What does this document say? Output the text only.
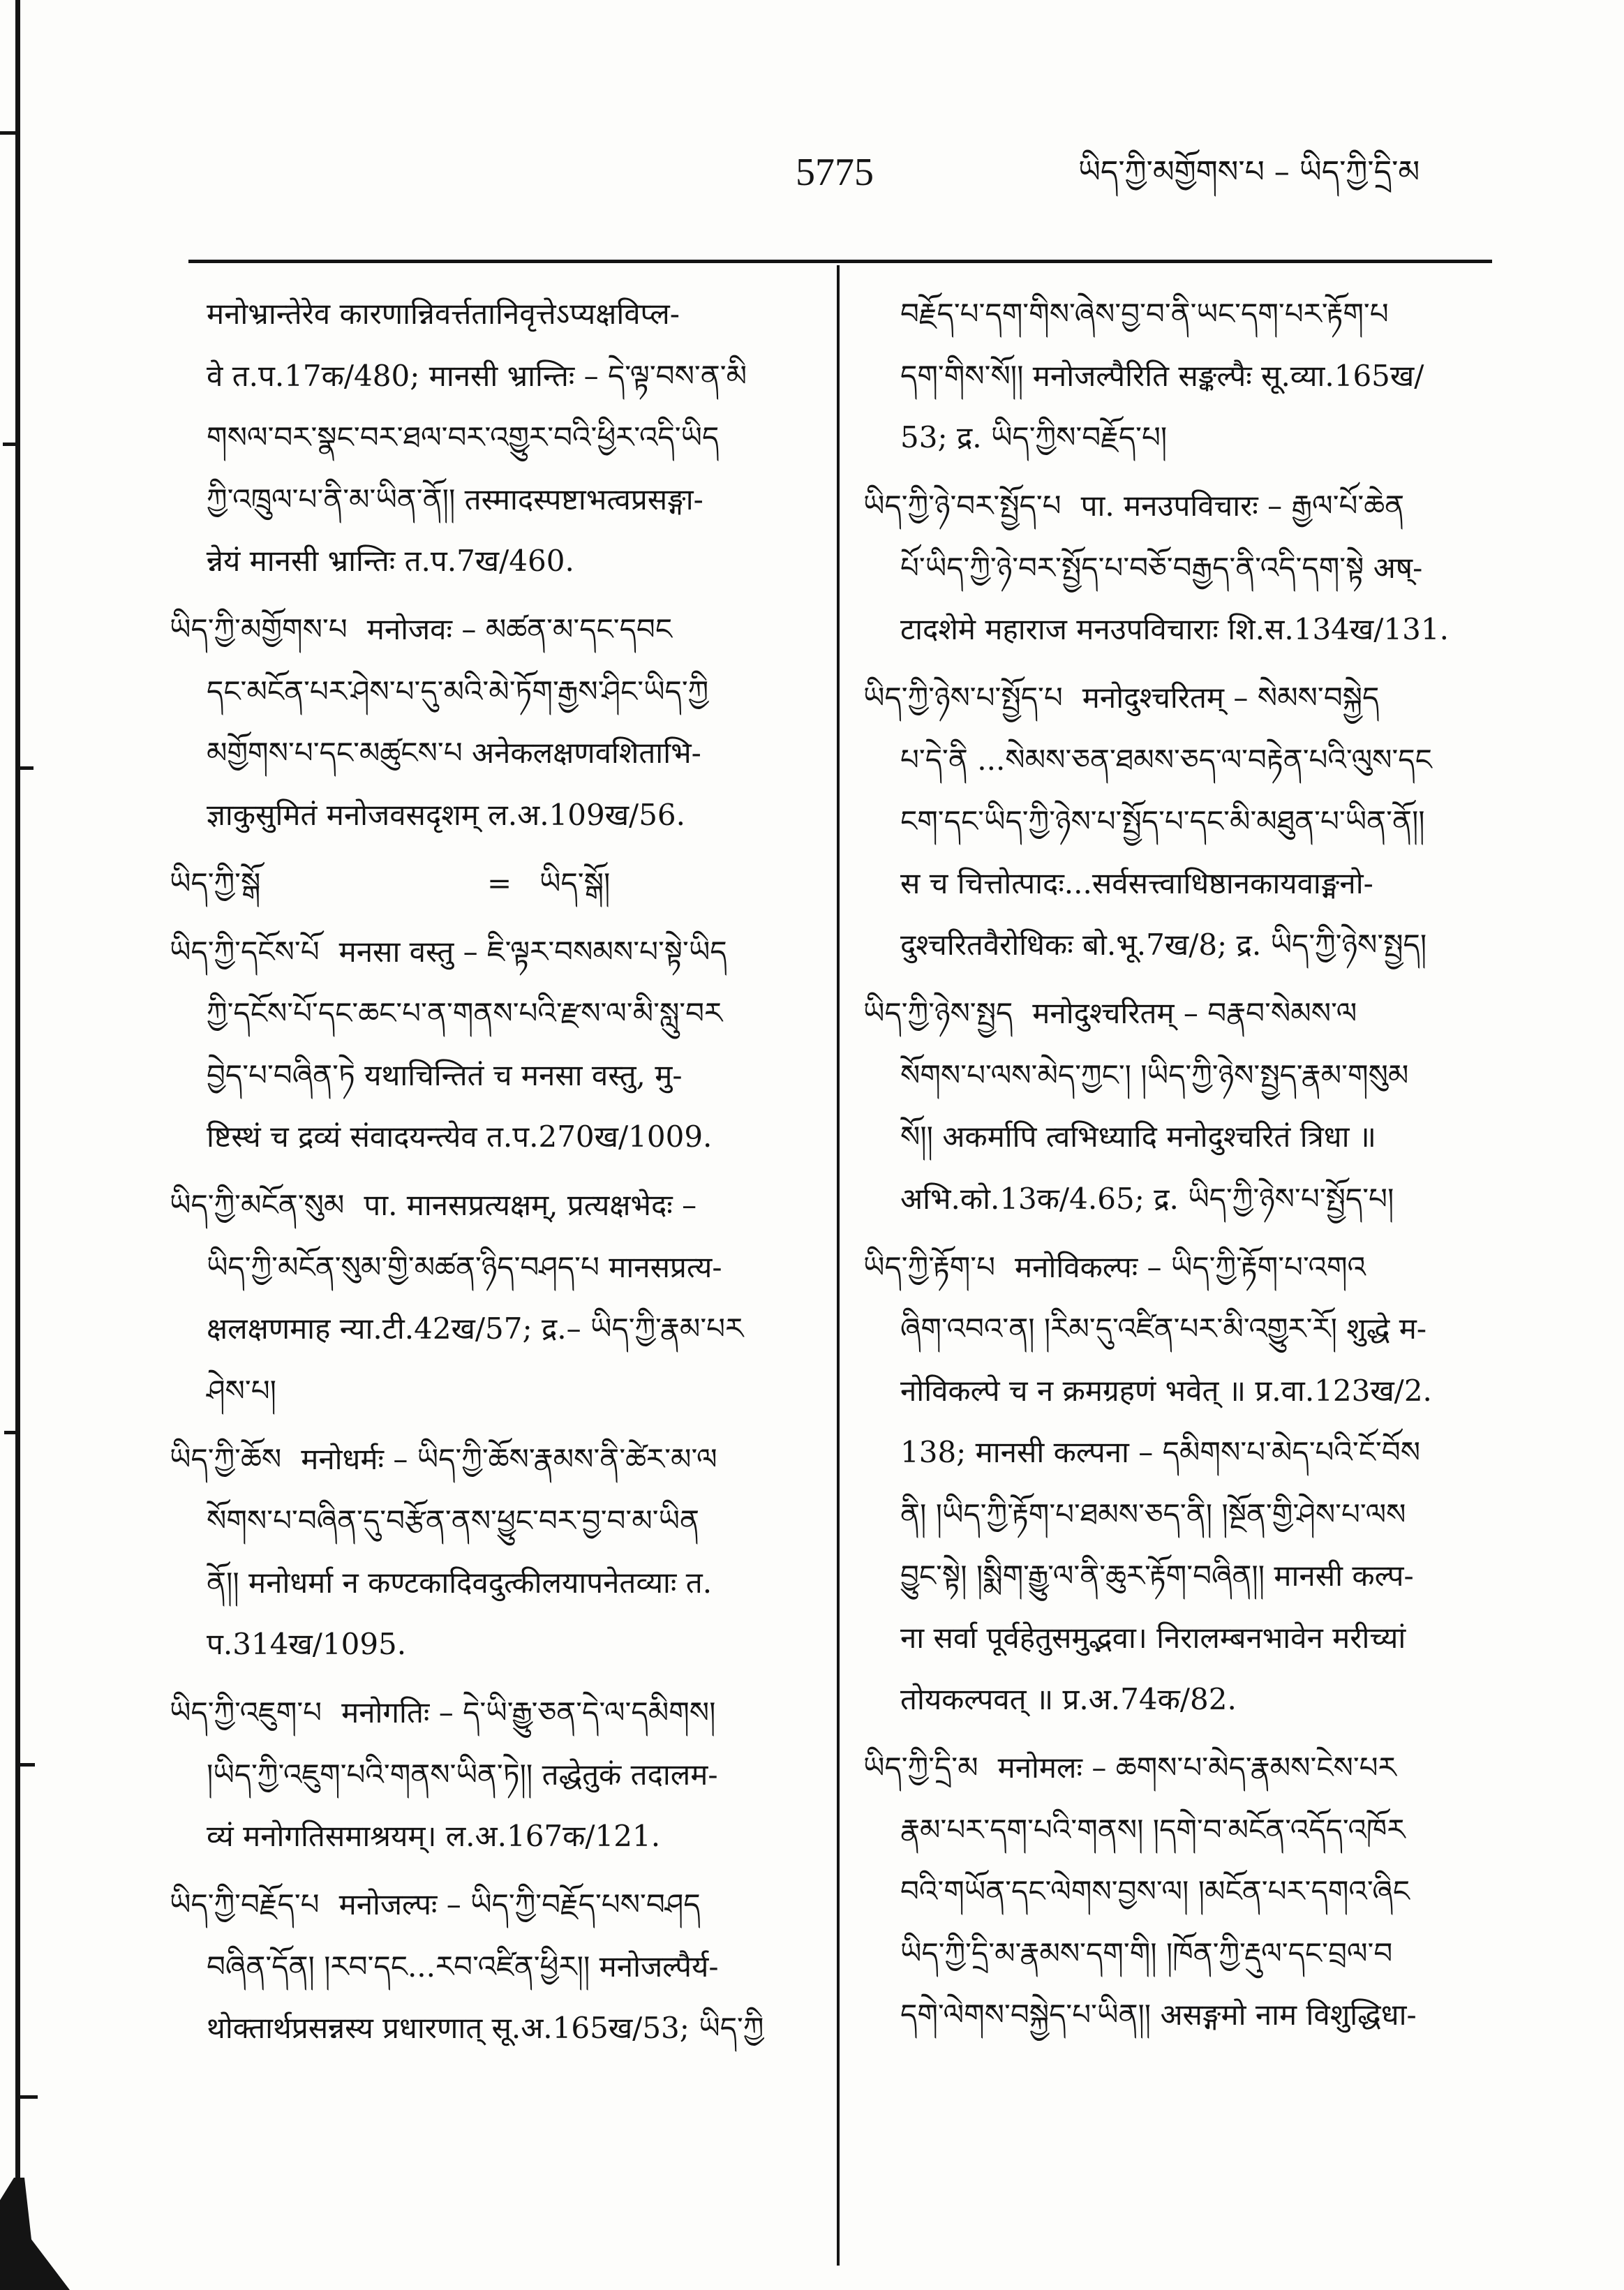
5775	ཡིད་ཀྱི་མགྱོགས་པ – ཡིད་ཀྱི་དྲི་མ
मनोभ्रान्तेरेव कारणान्निवर्त्ततानिवृत्तेऽप्यक्षविप्ल-
वे त.प.17क/480; मानसी भ्रान्तिः – དེ་ལྟ་བས་ན་མི
གསལ་བར་སྣང་བར་ཐལ་བར་འགྱུར་བའི་ཕྱིར་འདི་ཡིད
ཀྱི་འཁྲུལ་པ་ནི་མ་ཡིན་ནོ།། तस्मादस्पष्टाभत्वप्रसङ्गा-
न्नेयं मानसी भ्रान्तिः त.प.7ख/460.
ཡིད་ཀྱི་མགྱོགས་པ मनोजवः – མཚན་མ་དང་དབང
དང་མངོན་པར་ཤེས་པ་དུ་མའི་མེ་ཏོག་རྒྱས་ཤིང་ཡིད་ཀྱི
མགྱོགས་པ་དང་མཚུངས་པ अनेकलक्षणवशिताभि-
ज्ञाकुसुमितं मनोजवसदृशम् ल.अ.109ख/56.
ཡིད་ཀྱི་སྒོ	= ཡིད་སྒོ།
ཡིད་ཀྱི་དངོས་པོ मनसा वस्तु – ཇི་ལྟར་བསམས་པ་སྟེ་ཡིད
ཀྱི་དངོས་པོ་དང་ཆང་པ་ན་གནས་པའི་རྫས་ལ་མི་སླུ་བར
བྱེད་པ་བཞིན་ཏེ यथाचिन्तितं च मनसा वस्तु, मु-
ष्टिस्थं च द्रव्यं संवादयन्त्येव त.प.270ख/1009.
ཡིད་ཀྱི་མངོན་སུམ पा. मानसप्रत्यक्षम्, प्रत्यक्षभेदः –
ཡིད་ཀྱི་མངོན་སུམ་གྱི་མཚན་ཉིད་བཤད་པ मानसप्रत्य-
क्षलक्षणमाह न्या.टी.42ख/57; द्र.– ཡིད་ཀྱི་རྣམ་པར
ཤེས་པ།
ཡིད་ཀྱི་ཆོས मनोधर्मः – ཡིད་ཀྱི་ཆོས་རྣམས་ནི་ཚེར་མ་ལ
སོགས་པ་བཞིན་དུ་བརྩོན་ནས་ཕྱུང་བར་བྱ་བ་མ་ཡིན
ནོ།། मनोधर्मा न कण्टकादिवदुत्कीलयापनेतव्याः त.
प.314ख/1095.
ཡིད་ཀྱི་འཇུག་པ मनोगतिः – དེ་ཡི་རྒྱུ་ཅན་དེ་ལ་དམིགས།
།ཡིད་ཀྱི་འཇུག་པའི་གནས་ཡིན་ཏེ།། तद्धेतुकं तदालम-
व्यं मनोगतिसमाश्रयम्। ल.अ.167क/121.
ཡིད་ཀྱི་བརྗོད་པ मनोजल्पः – ཡིད་ཀྱི་བརྗོད་པས་བཤད
བཞིན་དོན། །རབ་དང...རབ་འཛིན་ཕྱིར།། मनोजल्पैर्य-
थोक्तार्थप्रसन्नस्य प्रधारणात् सू.अ.165ख/53; ཡིད་ཀྱི
བརྗོད་པ་དག་གིས་ཞེས་བྱ་བ་ནི་ཡང་དག་པར་རྟོག་པ
དག་གིས་སོ།། मनोजल्पैरिति सङ्कल्पैः सू.व्या.165ख/
53; द्र. ཡིད་ཀྱིས་བརྗོད་པ།
ཡིད་ཀྱི་ཉེ་བར་སྤྱོད་པ पा. मनउपविचारः – རྒྱལ་པོ་ཆེན
པོ་ཡིད་ཀྱི་ཉེ་བར་སྤྱོད་པ་བཅོ་བརྒྱད་ནི་འདི་དག་སྟེ अष्-
टादशेमे महाराज मनउपविचाराः शि.स.134ख/131.
ཡིད་ཀྱི་ཉེས་པ་སྤྱོད་པ मनोदुश्चरितम् – སེམས་བསྐྱེད
པ་དེ་ནི ...སེམས་ཅན་ཐམས་ཅད་ལ་བརྟེན་པའི་ལུས་དང
ངག་དང་ཡིད་ཀྱི་ཉེས་པ་སྤྱོད་པ་དང་མི་མཐུན་པ་ཡིན་ནོ།།
स च चित्तोत्पादः...सर्वसत्त्वाधिष्ठानकायवाङ्मनो-
दुश्चरितवैरोधिकः बो.भू.7ख/8; द्र. ཡིད་ཀྱི་ཉེས་སྤྱད།
ཡིད་ཀྱི་ཉེས་སྤྱད मनोदुश्चरितम् – བརྣབ་སེམས་ལ
སོགས་པ་ལས་མེད་ཀྱང་། །ཡིད་ཀྱི་ཉེས་སྤྱད་རྣམ་གསུམ
སོ།། अकर्मापि त्वभिध्यादि मनोदुश्चरितं त्रिधा ॥
अभि.को.13क/4.65; द्र. ཡིད་ཀྱི་ཉེས་པ་སྤྱོད་པ།
ཡིད་ཀྱི་རྟོག་པ मनोविकल्पः – ཡིད་ཀྱི་རྟོག་པ་འགའ
ཞིག་འབའ་ན། །རིམ་དུ་འཛིན་པར་མི་འགྱུར་རོ། शुद्धे म-
नोविकल्पे च न क्रमग्रहणं भवेत् ॥ प्र.वा.123ख/2.
138; मानसी कल्पना – དམིགས་པ་མེད་པའི་ངོ་བོས
ནི། །ཡིད་ཀྱི་རྟོག་པ་ཐམས་ཅད་ནི། །སྔོན་གྱི་ཤེས་པ་ལས
བྱུང་སྟེ། །སྨིག་རྒྱུ་ལ་ནི་ཆུར་རྟོག་བཞིན།། मानसी कल्प-
ना सर्वा पूर्वहेतुसमुद्भवा। निरालम्बनभावेन मरीच्यां
तोयकल्पवत् ॥ प्र.अ.74क/82.
ཡིད་ཀྱི་དྲི་མ मनोमलः – ཆགས་པ་མེད་རྣམས་ངེས་པར
རྣམ་པར་དག་པའི་གནས། །དགེ་བ་མངོན་འདོད་འཁོར
བའི་གཡོན་དང་ལེགས་བྱས་ལ། །མངོན་པར་དགའ་ཞིང
ཡིད་ཀྱི་དྲི་མ་རྣམས་དག་གི། །ཁོན་ཀྱི་རྡུལ་དང་བྲལ་བ
དགེ་ལེགས་བསྐྱེད་པ་ཡིན།། असङ्गमो नाम विशुद्धिधा-
